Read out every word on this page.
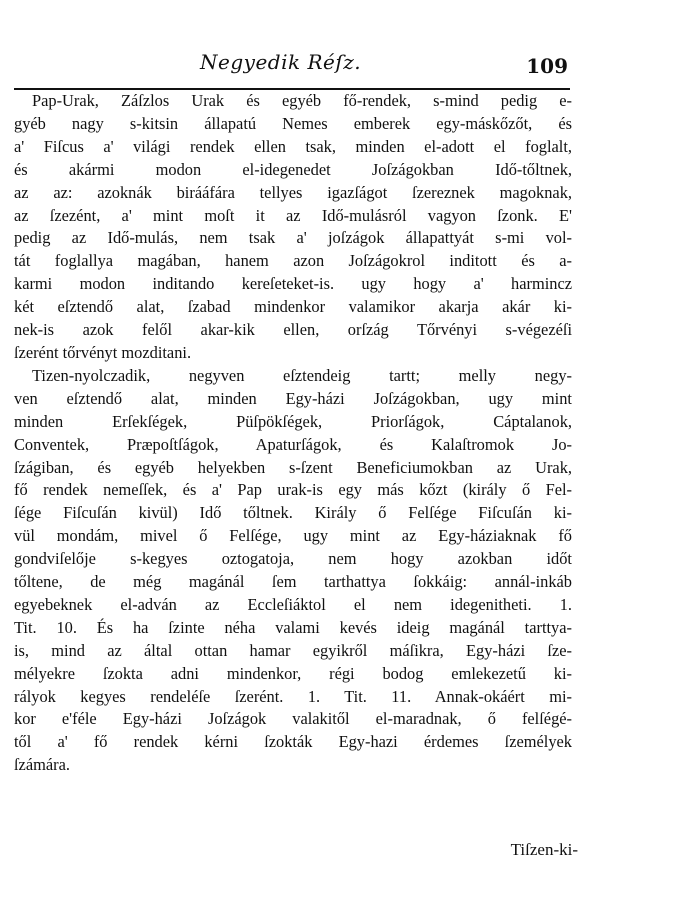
Negyedik Réſz.	109
Pap-Urak, Záſzlos Urak és egyéb fő-rendek, s-mind pedig e-
gyéb nagy s-kitsin állapatú Nemes emberek egy-máskőzőt, és
a' Fiſcus a' világi rendek ellen tsak, minden el-adott el foglalt,
és akármi modon el-idegenedet Joſzágokban Idő-tőltnek,
az az: azoknák birááfára tellyes igazſágot ſzereznek magoknak,
az ſzezént, a' mint moſt it az Idő-mulásról vagyon ſzonk. E'
pedig az Idő-mulás, nem tsak a' joſzágok állapattyát s-mi vol-
tát foglallya magában, hanem azon Joſzágokrol inditott és a-
karmi modon inditando kereſeteket-is. ugy hogy a' harmincz
két eſztendő alat, ſzabad mindenkor valamikor akarja akár ki-
nek-is azok felől akar-kik ellen, orſzág Tőrvényi s-végezéſi
ſzerént tőrvényt mozditani.
Tizen-nyolczadik, negyven eſztendeig tartt; melly negy-
ven eſztendő alat, minden Egy-házi Joſzágokban, ugy mint
minden Erſekſégek, Püſpökſégek, Priorſágok, Cáptalanok,
Conventek, Præpoſtſágok, Apaturſágok, és Kalaſtromok Jo-
ſzágiban, és egyéb helyekben s-ſzent Beneficiumokban az Urak,
fő rendek nemeſſek, és a' Pap urak-is egy más kőzt (király ő Fel-
ſége Fiſcuſán kivül) Idő tőltnek. Király ő Felſége Fiſcuſán ki-
vül mondám, mivel ő Felſége, ugy mint az Egy-háziaknak fő
gondviſelője s-kegyes oztogatoja, nem hogy azokban időt
tőltene, de még magánál ſem tarthattya ſokkáig: annál-inkáb
egyebeknek el-adván az Eccleſiáktol el nem idegenitheti. 1.
Tit. 10. És ha ſzinte néha valami kevés ideig magánál tarttya-
is, mind az által ottan hamar egyikről máſikra, Egy-házi ſze-
mélyekre ſzokta adni mindenkor, régi bodog emlekezetű ki-
rályok kegyes rendeléſe ſzerént. 1. Tit. 11. Annak-okáért mi-
kor e'féle Egy-házi Joſzágok valakitől el-maradnak, ő felſégé-
től a' fő rendek kérni ſzokták Egy-hazi érdemes ſzemélyek
ſzámára.
Tiſzen-ki-
